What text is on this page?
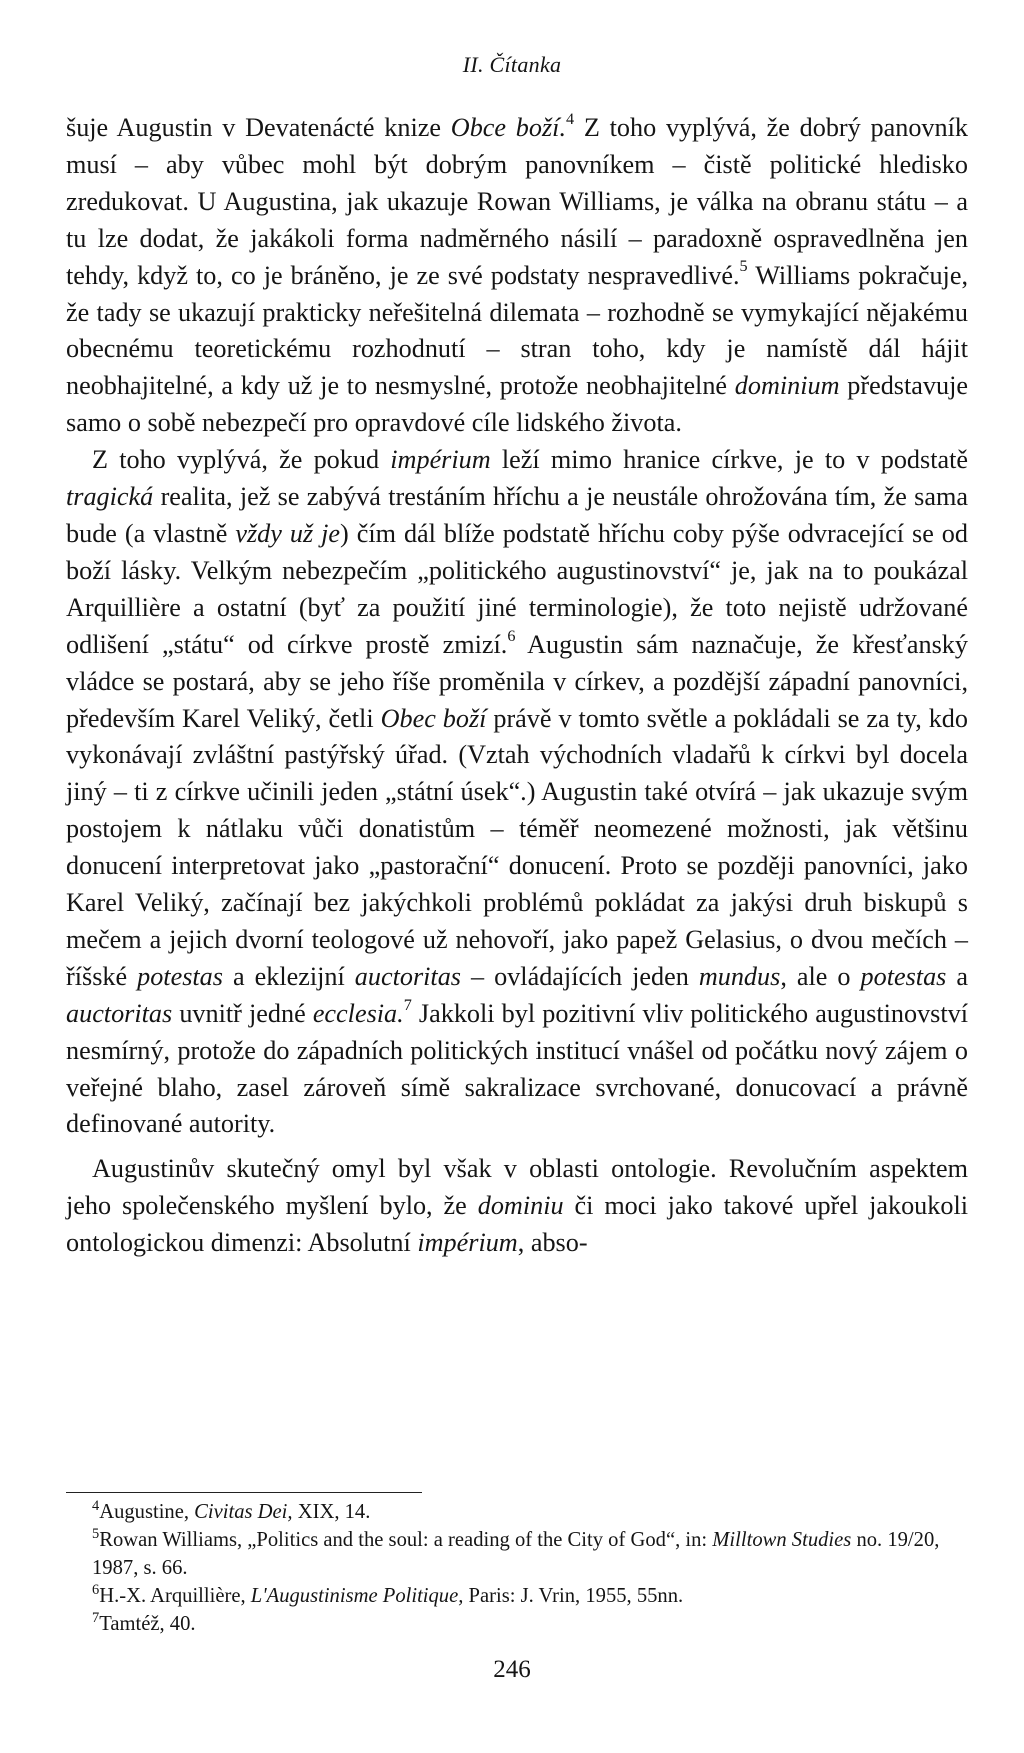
II. Čítanka

šuje Augustin v Devatenácté knize Obce boží.$^4$ Z toho vyplývá, že dobrý panovník musí – aby vůbec mohl být dobrým panovníkem – čistě politické hledisko zredukovat. U Augustina, jak ukazuje Rowan Williams, je válka na obranu státu – a tu lze dodat, že jakákoli forma nadměrného násilí – paradoxně ospravedlněna jen tehdy, když to, co je bráněno, je ze své podstaty nespravedlivé.$^5$ Williams pokračuje, že tady se ukazují prakticky neřešitelná dilemata – rozhodně se vymykající nějakému obecnému teoretickému rozhodnutí – stran toho, kdy je namístě dál hájit neobhajitelné, a kdy už je to nesmyslné, protože neobhajitelné dominium představuje samo o sobě nebezpečí pro opravdové cíle lidského života.

Z toho vyplývá, že pokud impérium leží mimo hranice církve, je to v podstatě tragická realita, jež se zabývá trestáním hříchu a je neustále ohrožována tím, že sama bude (a vlastně vždy už je) čím dál blíže podstatě hříchu coby pýše odvracející se od boží lásky. Velkým nebezpečím „politického augustinovství“ je, jak na to poukázal Arquillière a ostatní (byť za použití jiné terminologie), že toto nejistě udržované odlišení „státu“ od církve prostě zmizí.$^6$ Augustin sám naznačuje, že křesťanský vládce se postará, aby se jeho říše proměnila v církev, a pozdější západní panovníci, především Karel Veliký, četli Obec boží právě v tomto světle a pokládali se za ty, kdo vykonávají zvláštní pastýřský úřad. (Vztah východních vladařů k církvi byl docela jiný – ti z církve učinili jeden „státní úsek“.) Augustin také otvírá – jak ukazuje svým postojem k nátlaku vůči donatistům – téměř neomezené možnosti, jak většinu donucení interpretovat jako „pastorační“ donucení. Proto se později panovníci, jako Karel Veliký, začínají bez jakýchkoli problémů pokládat za jakýsi druh biskupů s mečem a jejich dvorní teologové už nehovoří, jako papež Gelasius, o dvou mečích – říšské potestas a eklezijní auctoritas – ovládajících jeden mundus, ale o potestas a auctoritas uvnitř jedné ecclesia.$^7$ Jakkoli byl pozitivní vliv politického augustinovství nesmírný, protože do západních politických institucí vnášel od počátku nový zájem o veřejné blaho, zasel zároveň símě sakralizace svrchované, donucovací a právně definované autority.

Augustinův skutečný omyl byl však v oblasti ontologie. Revolučním aspektem jeho společenského myšlení bylo, že dominiu či moci jako takové upřel jakoukoli ontologickou dimenzi: Absolutní impérium, abso-

$^4$Augustine, Civitas Dei, XIX, 14.

$^5$Rowan Williams, „Politics and the soul: a reading of the City of God“, in: Milltown Studies no. 19/20, 1987, s. 66.

$^6$H.-X. Arquillière, L'Augustinisme Politique, Paris: J. Vrin, 1955, 55nn.

$^7$Tamtéž, 40.

246
